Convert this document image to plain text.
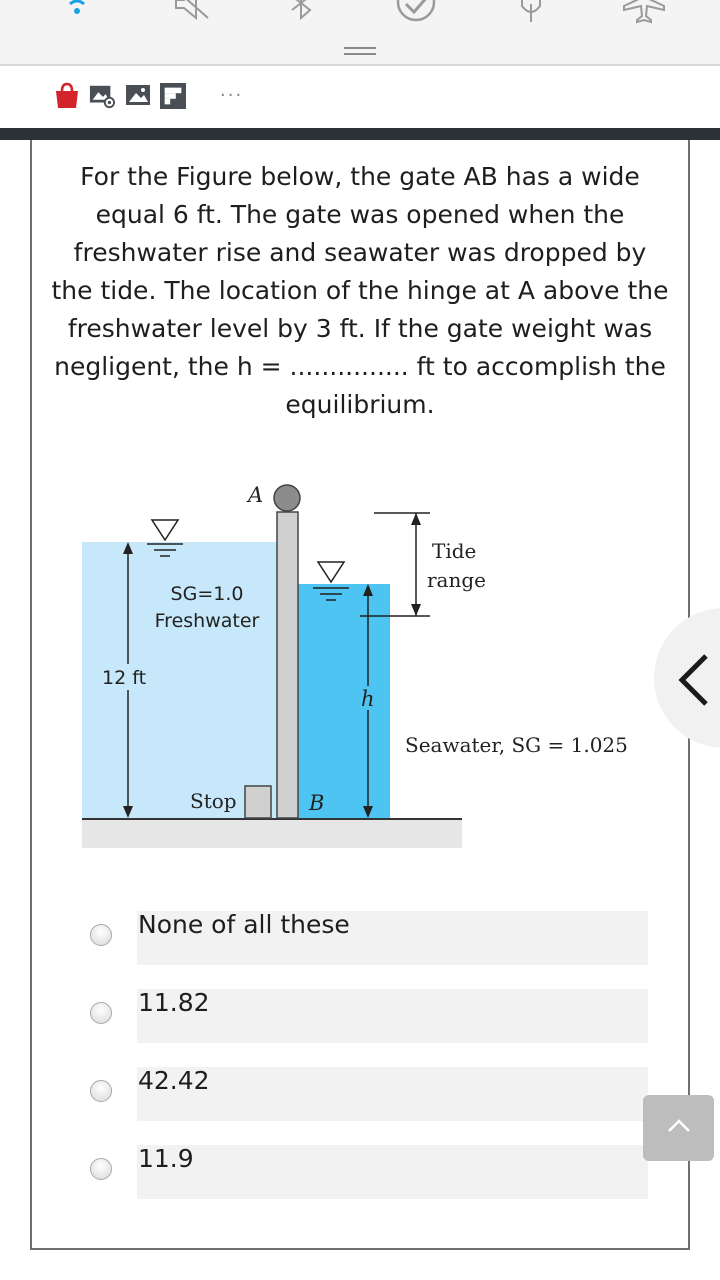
...
For the Figure below, the gate AB has a wide equal 6 ft. The gate was opened when the freshwater rise and seawater was dropped by the tide. The location of the hinge at A above the freshwater level by 3 ft. If the gate weight was negligent, the h = ............... ft to accomplish the equilibrium.
A
B
SG=1.0
Freshwater
12 ft
Stop
h
Tide
range
Seawater, SG = 1.025
None of all these
11.82
42.42
11.9
